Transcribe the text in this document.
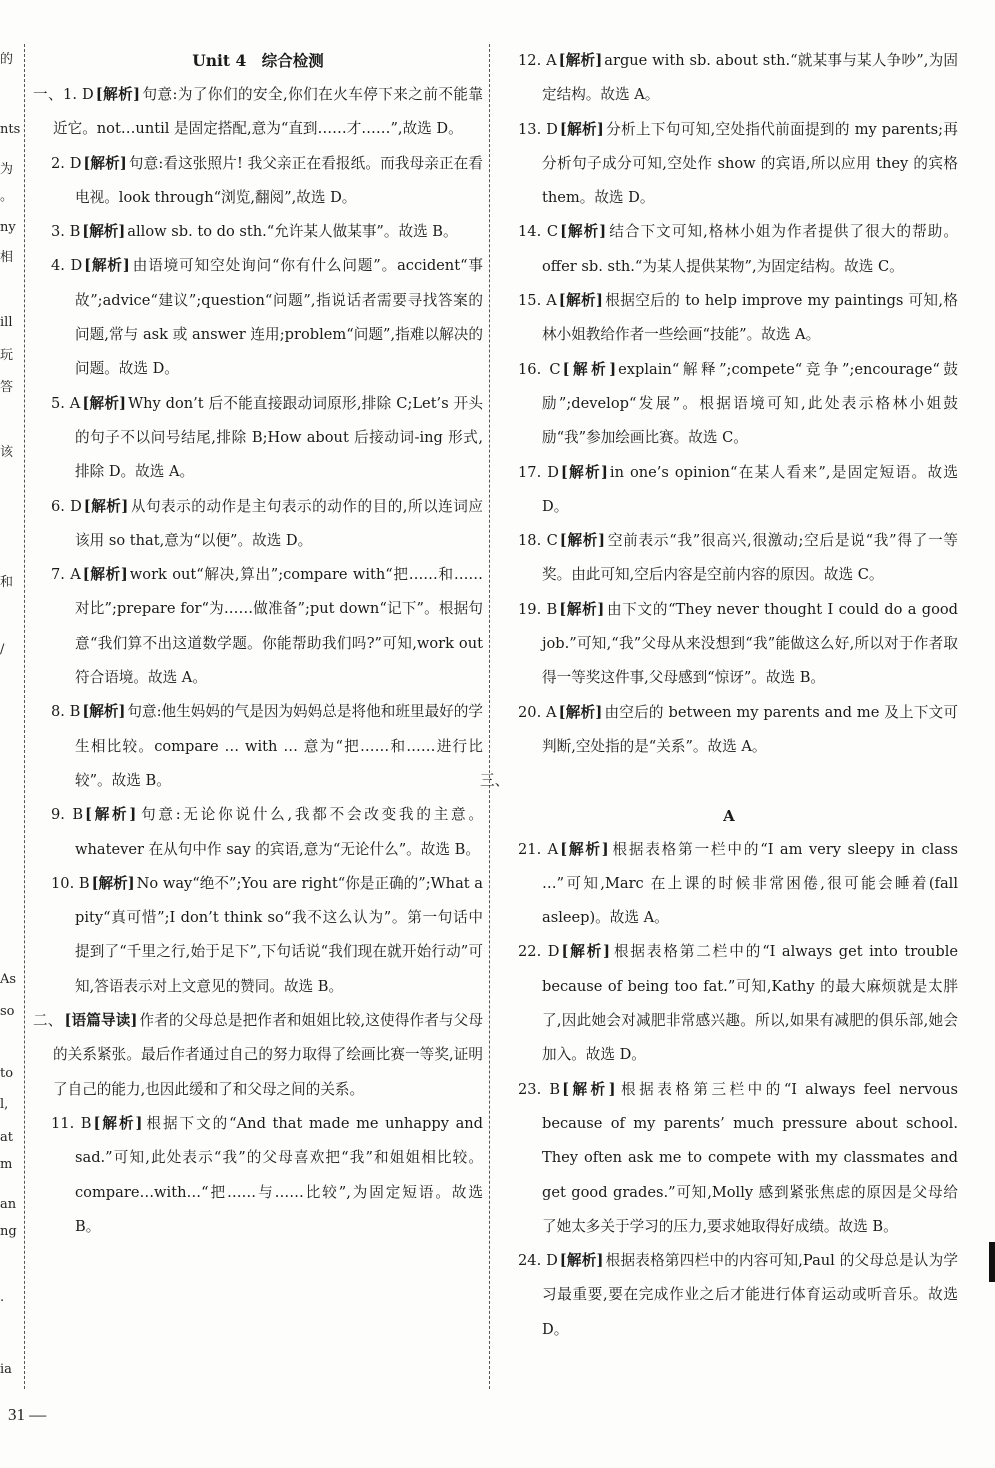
的
nts
为
。
ny
相
ill
玩
答
该
和
/
As
so
to
l,
at
m
an
ng
.
ia
Unit 4　综合检测
一、1. D [解析] 句意:为了你们的安全,你们在火车停下来之前不能靠近它。not…until 是固定搭配,意为“直到……才……”,故选 D。
2. D [解析] 句意:看这张照片! 我父亲正在看报纸。而我母亲正在看电视。look through“浏览,翻阅”,故选 D。
3. B [解析] allow sb. to do sth.“允许某人做某事”。故选 B。
4. D [解析] 由语境可知空处询问“你有什么问题”。accident“事故”;advice“建议”;question“问题”,指说话者需要寻找答案的问题,常与 ask 或 answer 连用;problem“问题”,指难以解决的问题。故选 D。
5. A [解析] Why don’t 后不能直接跟动词原形,排除 C;Let’s 开头的句子不以问号结尾,排除 B;How about 后接动词-ing 形式,排除 D。故选 A。
6. D [解析] 从句表示的动作是主句表示的动作的目的,所以连词应该用 so that,意为“以便”。故选 D。
7. A [解析] work out“解决,算出”;compare with“把……和……对比”;prepare for“为……做准备”;put down“记下”。根据句意“我们算不出这道数学题。你能帮助我们吗?”可知,work out 符合语境。故选 A。
8. B [解析] 句意:他生妈妈的气是因为妈妈总是将他和班里最好的学生相比较。compare … with … 意为“把……和……进行比较”。故选 B。
9. B [解析] 句意:无论你说什么,我都不会改变我的主意。whatever 在从句中作 say 的宾语,意为“无论什么”。故选 B。
10. B [解析] No way“绝不”;You are right“你是正确的”;What a pity“真可惜”;I don’t think so“我不这么认为”。第一句话中提到了“千里之行,始于足下”,下句话说“我们现在就开始行动”可知,答语表示对上文意见的赞同。故选 B。
二、 [语篇导读] 作者的父母总是把作者和姐姐比较,这使得作者与父母的关系紧张。最后作者通过自己的努力取得了绘画比赛一等奖,证明了自己的能力,也因此缓和了和父母之间的关系。
11. B [解析] 根据下文的“And that made me unhappy and sad.”可知,此处表示“我”的父母喜欢把“我”和姐姐相比较。compare…with…“把……与……比较”,为固定短语。故选 B。
12. A [解析] argue with sb. about sth.“就某事与某人争吵”,为固定结构。故选 A。
13. D [解析] 分析上下句可知,空处指代前面提到的 my parents;再分析句子成分可知,空处作 show 的宾语,所以应用 they 的宾格 them。故选 D。
14. C [解析] 结合下文可知,格林小姐为作者提供了很大的帮助。offer sb. sth.“为某人提供某物”,为固定结构。故选 C。
15. A [解析] 根据空后的 to help improve my paintings 可知,格林小姐教给作者一些绘画“技能”。故选 A。
16. C [解析] explain“解释”;compete“竞争”;encourage“鼓励”;develop“发展”。根据语境可知,此处表示格林小姐鼓励“我”参加绘画比赛。故选 C。
17. D [解析] in one’s opinion“在某人看来”,是固定短语。故选 D。
18. C [解析] 空前表示“我”很高兴,很激动;空后是说“我”得了一等奖。由此可知,空后内容是空前内容的原因。故选 C。
19. B [解析] 由下文的“They never thought I could do a good job.”可知,“我”父母从来没想到“我”能做这么好,所以对于作者取得一等奖这件事,父母感到“惊讶”。故选 B。
20. A [解析] 由空后的 between my parents and me 及上下文可判断,空处指的是“关系”。故选 A。
三、
A
21. A [解析] 根据表格第一栏中的“I am very sleepy in class …”可知,Marc 在上课的时候非常困倦,很可能会睡着(fall asleep)。故选 A。
22. D [解析] 根据表格第二栏中的“I always get into trouble because of being too fat.”可知,Kathy 的最大麻烦就是太胖了,因此她会对减肥非常感兴趣。所以,如果有减肥的俱乐部,她会加入。故选 D。
23. B [解析] 根据表格第三栏中的“I always feel nervous because of my parents’ much pressure about school. They often ask me to compete with my classmates and get good grades.”可知,Molly 感到紧张焦虑的原因是父母给了她太多关于学习的压力,要求她取得好成绩。故选 B。
24. D [解析] 根据表格第四栏中的内容可知,Paul 的父母总是认为学习最重要,要在完成作业之后才能进行体育运动或听音乐。故选 D。
31 —
